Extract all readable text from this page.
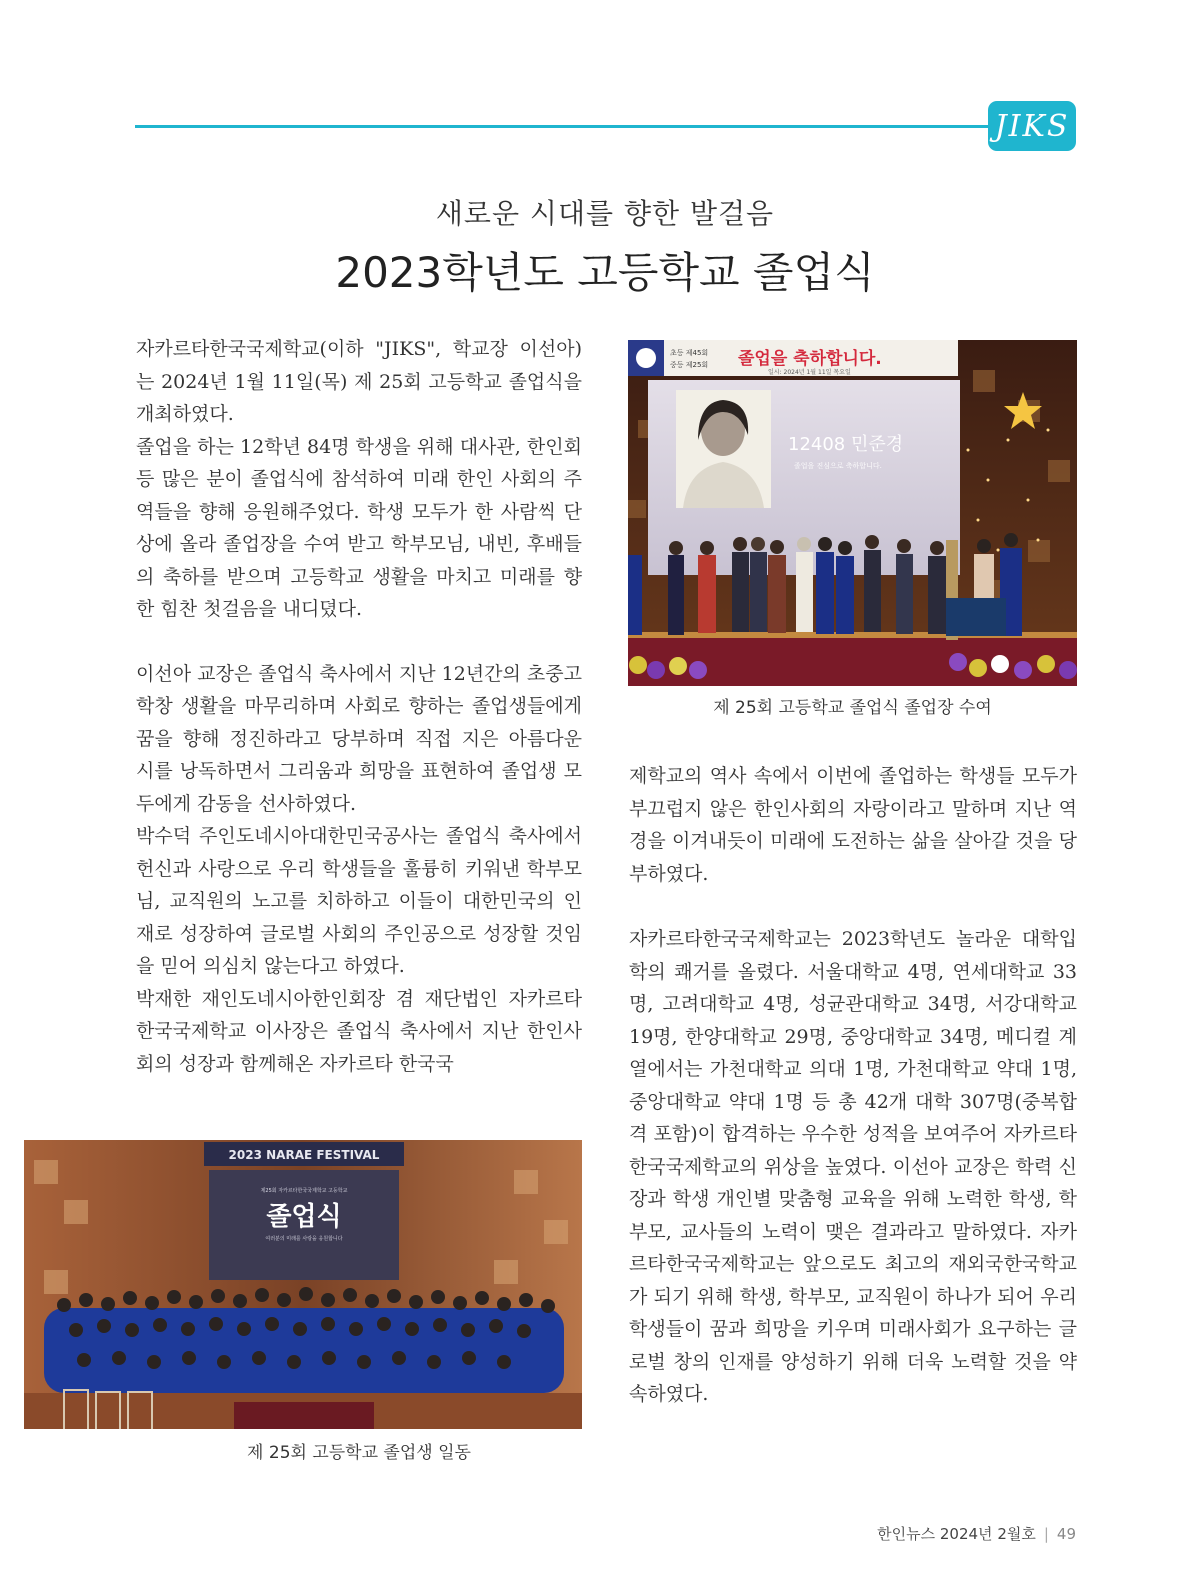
JIKS
새로운 시대를 향한 발걸음
2023학년도 고등학교 졸업식

자카르타한국국제학교(이하 "JIKS", 학교장 이선아)는 2024년 1월 11일(목) 제 25회 고등학교 졸업식을 개최하였다.

졸업을 하는 12학년 84명 학생을 위해 대사관, 한인회 등 많은 분이 졸업식에 참석하여 미래 한인 사회의 주역들을 향해 응원해주었다. 학생 모두가 한 사람씩 단상에 올라 졸업장을 수여 받고 학부모님, 내빈, 후배들의 축하를 받으며 고등학교 생활을 마치고 미래를 향한 힘찬 첫걸음을 내디뎠다.

이선아 교장은 졸업식 축사에서 지난 12년간의 초중고 학창 생활을 마무리하며 사회로 향하는 졸업생들에게 꿈을 향해 정진하라고 당부하며 직접 지은 아름다운 시를 낭독하면서 그리움과 희망을 표현하여 졸업생 모두에게 감동을 선사하였다.

박수덕 주인도네시아대한민국공사는 졸업식 축사에서 헌신과 사랑으로 우리 학생들을 훌륭히 키워낸 학부모님, 교직원의 노고를 치하하고 이들이 대한민국의 인재로 성장하여 글로벌 사회의 주인공으로 성장할 것임을 믿어 의심치 않는다고 하였다.

박재한 재인도네시아한인회장 겸 재단법인 자카르타 한국국제학교 이사장은 졸업식 축사에서 지난 한인사회의 성장과 함께해온 자카르타 한국국

초등 제45회
중등 제25회 졸업을 축하합니다.
일시: 2024년 1월 11일 목요일
12408 민준경
졸업을 진심으로 축하합니다.
제 25회 고등학교 졸업식 졸업장 수여

제학교의 역사 속에서 이번에 졸업하는 학생들 모두가 부끄럽지 않은 한인사회의 자랑이라고 말하며 지난 역경을 이겨내듯이 미래에 도전하는 삶을 살아갈 것을 당부하였다.

자카르타한국국제학교는 2023학년도 놀라운 대학입학의 쾌거를 올렸다. 서울대학교 4명, 연세대학교 33명, 고려대학교 4명, 성균관대학교 34명, 서강대학교 19명, 한양대학교 29명, 중앙대학교 34명, 메디컬 계열에서는 가천대학교 의대 1명, 가천대학교 약대 1명, 중앙대학교 약대 1명 등 총 42개 대학 307명(중복합격 포함)이 합격하는 우수한 성적을 보여주어 자카르타한국국제학교의 위상을 높였다. 이선아 교장은 학력 신장과 학생 개인별 맞춤형 교육을 위해 노력한 학생, 학부모, 교사들의 노력이 맺은 결과라고 말하였다. 자카르타한국국제학교는 앞으로도 최고의 재외국한국학교가 되기 위해 학생, 학부모, 교직원이 하나가 되어 우리 학생들이 꿈과 희망을 키우며 미래사회가 요구하는 글로벌 창의 인재를 양성하기 위해 더욱 노력할 것을 약속하였다.

2023 NARAE FESTIVAL
제25회 자카르타한국국제학교 고등학교
졸업식
여러분의 미래를 사랑을 응원합니다
제 25회 고등학교 졸업생 일동
한인뉴스 2024년 2월호 | 49
